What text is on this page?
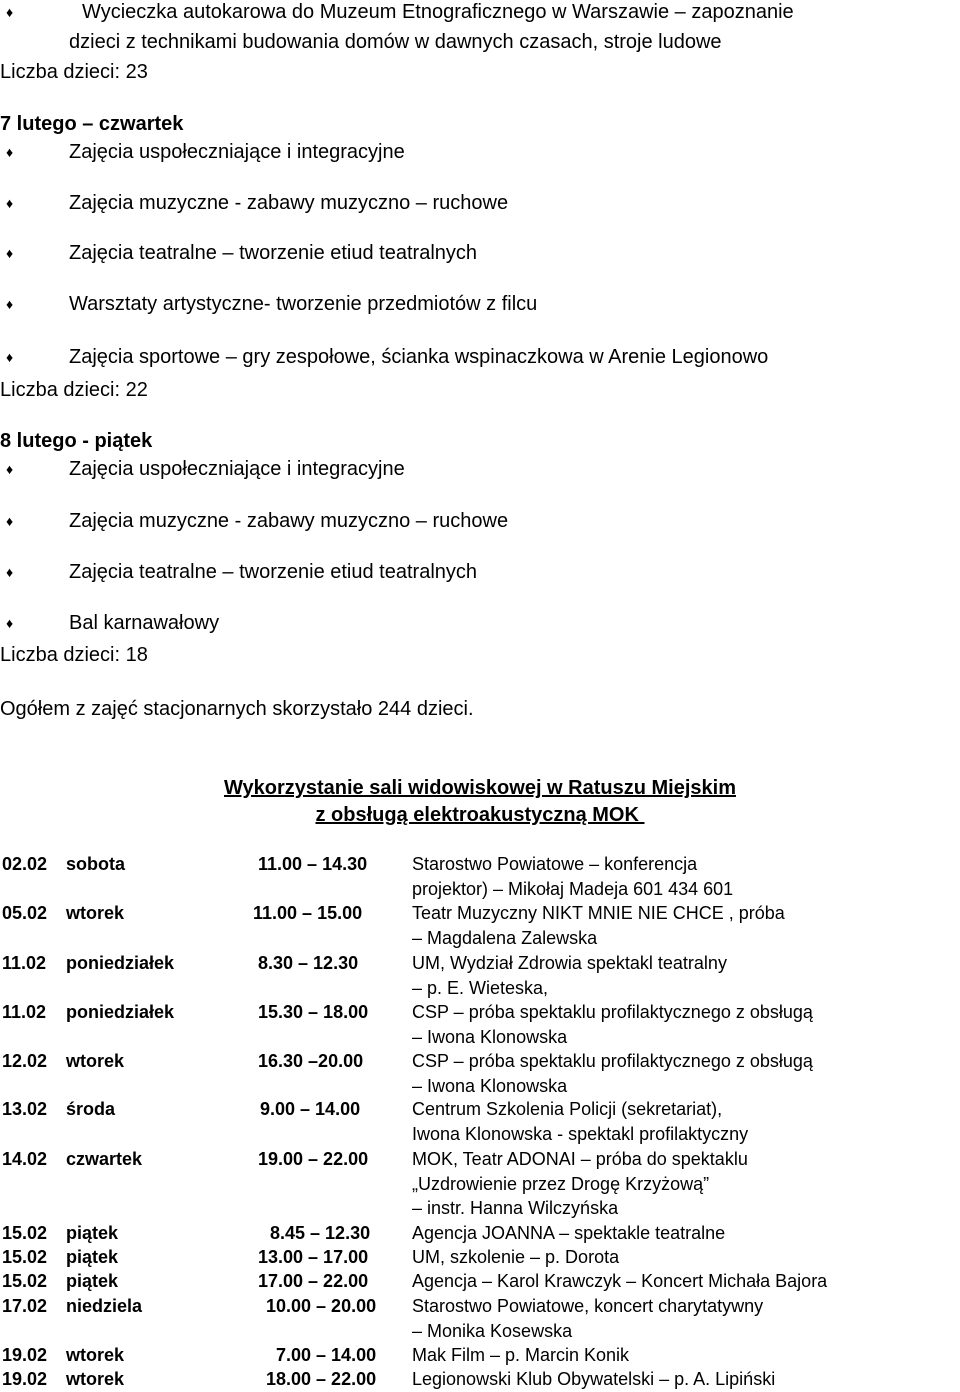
♦	Wycieczka autokarowa do Muzeum Etnograficznego w Warszawie – zapoznanie
dzieci z technikami budowania domów w dawnych czasach, stroje ludowe
Liczba dzieci: 23
7 lutego – czwartek
♦	Zajęcia uspołeczniające i integracyjne
♦	Zajęcia muzyczne - zabawy muzyczno – ruchowe
♦	Zajęcia teatralne – tworzenie etiud teatralnych
♦	Warsztaty artystyczne- tworzenie przedmiotów z filcu
♦	Zajęcia sportowe – gry zespołowe, ścianka wspinaczkowa w Arenie Legionowo
Liczba dzieci: 22
8 lutego - piątek
♦	Zajęcia uspołeczniające i integracyjne
♦	Zajęcia muzyczne - zabawy muzyczno – ruchowe
♦	Zajęcia teatralne – tworzenie etiud teatralnych
♦	Bal karnawałowy
Liczba dzieci: 18
Ogółem z zajęć stacjonarnych skorzystało 244 dzieci.
Wykorzystanie sali widowiskowej w Ratuszu Miejskim
z obsługą elektroakustyczną MOK
02.02 sobota	11.00 – 14.30 Starostwo Powiatowe – konferencja
projektor) – Mikołaj Madeja 601 434 601
05.02 wtorek	11.00 – 15.00	Teatr Muzyczny NIKT MNIE NIE CHCE , próba
– Magdalena Zalewska
11.02 poniedziałek	8.30 – 12.30	UM, Wydział Zdrowia spektakl teatralny
– p. E. Wieteska,
11.02 poniedziałek	15.30 – 18.00 CSP – próba spektaklu profilaktycznego z obsługą
– Iwona Klonowska
12.02 wtorek	16.30 –20.00	CSP – próba spektaklu profilaktycznego z obsługą
– Iwona Klonowska
13.02 środa	9.00 – 14.00	Centrum Szkolenia Policji (sekretariat),
Iwona Klonowska - spektakl profilaktyczny
14.02 czwartek	19.00 – 22.00 MOK, Teatr ADONAI – próba do spektaklu
„Uzdrowienie przez Drogę Krzyżową”
– instr. Hanna Wilczyńska
15.02 piątek	8.45 – 12.30 Agencja JOANNA – spektakle teatralne
15.02 piątek	13.00 – 17.00 UM, szkolenie – p. Dorota
15.02 piątek	17.00 – 22.00 Agencja – Karol Krawczyk – Koncert Michała Bajora
17.02 niedziela	10.00 – 20.00 Starostwo Powiatowe, koncert charytatywny
– Monika Kosewska
19.02 wtorek	7.00 – 14.00 Mak Film – p. Marcin Konik
19.02 wtorek	18.00 – 22.00 Legionowski Klub Obywatelski – p. A. Lipiński
